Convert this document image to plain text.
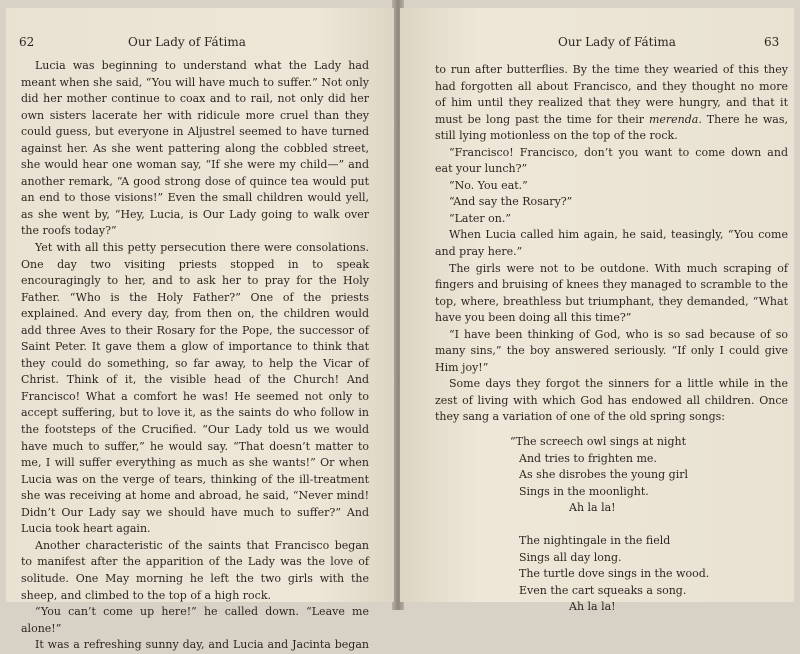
62	Our Lady of Fátima

Lucia was beginning to understand what the Lady had meant when she said, “You will have much to suffer.” Not only did her mother continue to coax and to rail, not only did her own sisters lacerate her with ridicule more cruel than they could guess, but everyone in Aljustrel seemed to have turned against her. As she went pattering along the cobbled street, she would hear one woman say, “If she were my child—” and another remark, “A good strong dose of quince tea would put an end to those visions!” Even the small children would yell, as she went by, “Hey, Lucia, is Our Lady going to walk over the roofs today?”

Yet with all this petty persecution there were consolations. One day two visiting priests stopped in to speak encouragingly to her, and to ask her to pray for the Holy Father. “Who is the Holy Father?” One of the priests explained. And every day, from then on, the children would add three Aves to their Rosary for the Pope, the successor of Saint Peter. It gave them a glow of importance to think that they could do something, so far away, to help the Vicar of Christ. Think of it, the visible head of the Church! And Francisco! What a comfort he was! He seemed not only to accept suffering, but to love it, as the saints do who follow in the footsteps of the Crucified. “Our Lady told us we would have much to suffer,” he would say. “That doesn’t matter to me, I will suffer everything as much as she wants!” Or when Lucia was on the verge of tears, thinking of the ill-treatment she was receiving at home and abroad, he said, “Never mind! Didn’t Our Lady say we should have much to suffer?” And Lucia took heart again.

Another characteristic of the saints that Francisco began to manifest after the apparition of the Lady was the love of solitude. One May morning he left the two girls with the sheep, and climbed to the top of a high rock.

“You can’t come up here!” he called down. “Leave me alone!”

It was a refreshing sunny day, and Lucia and Jacinta began

Our Lady of Fátima	63

to run after butterflies. By the time they wearied of this they had forgotten all about Francisco, and they thought no more of him until they realized that they were hungry, and that it must be long past the time for their merenda. There he was, still lying motionless on the top of the rock.

“Francisco! Francisco, don’t you want to come down and eat your lunch?”

“No. You eat.”

“And say the Rosary?”

“Later on.”

When Lucia called him again, he said, teasingly, “You come and pray here.”

The girls were not to be outdone. With much scraping of fingers and bruising of knees they managed to scramble to the top, where, breathless but triumphant, they demanded, “What have you been doing all this time?”

“I have been thinking of God, who is so sad because of so many sins,” the boy answered seriously. “If only I could give Him joy!”

Some days they forgot the sinners for a little while in the zest of living with which God has endowed all children. Once they sang a variation of one of the old spring songs:

“The screech owl sings at night
And tries to frighten me.
As she disrobes the young girl
Sings in the moonlight.
Ah la la!
The nightingale in the field
Sings all day long.
The turtle dove sings in the wood.
Even the cart squeaks a song.
Ah la la!
